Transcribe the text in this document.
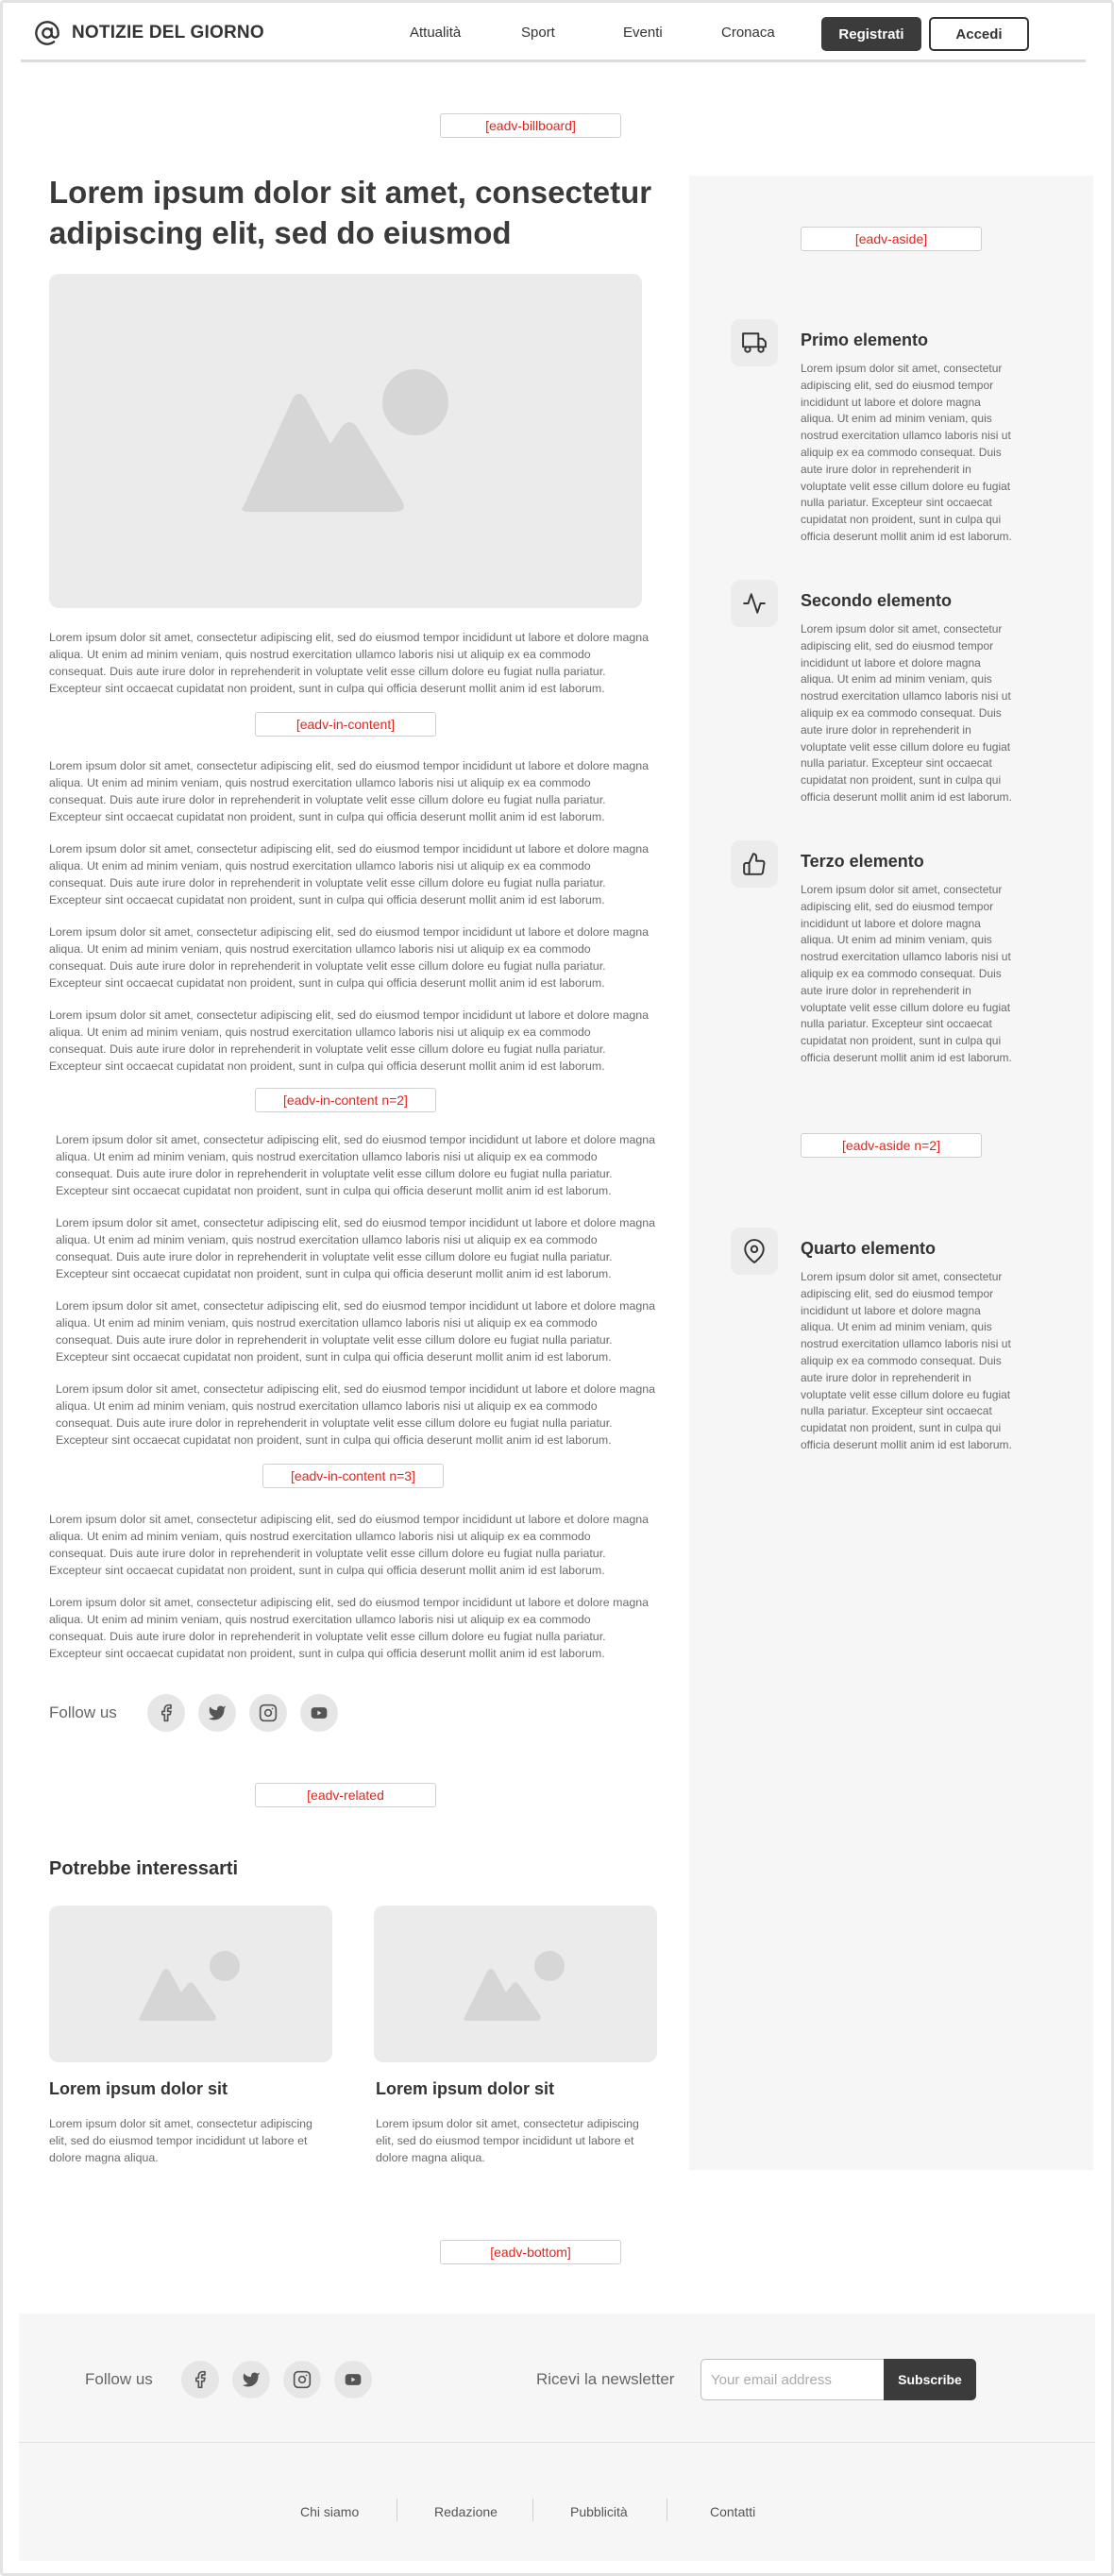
NOTIZIE DEL GIORNO	Attualità	Sport	Eventi	Cronaca	Registrati	Accedi
[eadv-billboard]
[eadv-aside]
Primo elemento
Lorem ipsum dolor sit amet, consectetur adipiscing elit, sed do eiusmod tempor incididunt ut labore et dolore magna aliqua. Ut enim ad minim veniam, quis nostrud exercitation ullamco laboris nisi ut aliquip ex ea commodo consequat. Duis aute irure dolor in reprehenderit in voluptate velit esse cillum dolore eu fugiat nulla pariatur. Excepteur sint occaecat cupidatat non proident, sunt in culpa qui officia deserunt mollit anim id est laborum.
Secondo elemento
Lorem ipsum dolor sit amet, consectetur adipiscing elit, sed do eiusmod tempor incididunt ut labore et dolore magna aliqua. Ut enim ad minim veniam, quis nostrud exercitation ullamco laboris nisi ut aliquip ex ea commodo consequat. Duis aute irure dolor in reprehenderit in voluptate velit esse cillum dolore eu fugiat nulla pariatur. Excepteur sint occaecat cupidatat non proident, sunt in culpa qui officia deserunt mollit anim id est laborum.
Terzo elemento
Lorem ipsum dolor sit amet, consectetur adipiscing elit, sed do eiusmod tempor incididunt ut labore et dolore magna aliqua. Ut enim ad minim veniam, quis nostrud exercitation ullamco laboris nisi ut aliquip ex ea commodo consequat. Duis aute irure dolor in reprehenderit in voluptate velit esse cillum dolore eu fugiat nulla pariatur. Excepteur sint occaecat cupidatat non proident, sunt in culpa qui officia deserunt mollit anim id est laborum.
[eadv-aside n=2]
Quarto elemento
Lorem ipsum dolor sit amet, consectetur adipiscing elit, sed do eiusmod tempor incididunt ut labore et dolore magna aliqua. Ut enim ad minim veniam, quis nostrud exercitation ullamco laboris nisi ut aliquip ex ea commodo consequat. Duis aute irure dolor in reprehenderit in voluptate velit esse cillum dolore eu fugiat nulla pariatur. Excepteur sint occaecat cupidatat non proident, sunt in culpa qui officia deserunt mollit anim id est laborum.
Lorem ipsum dolor sit amet, consectetur adipiscing elit, sed do eiusmod

Lorem ipsum dolor sit amet, consectetur adipiscing elit, sed do eiusmod tempor incididunt ut labore et dolore magna aliqua. Ut enim ad minim veniam, quis nostrud exercitation ullamco laboris nisi ut aliquip ex ea commodo consequat. Duis aute irure dolor in reprehenderit in voluptate velit esse cillum dolore eu fugiat nulla pariatur. Excepteur sint occaecat cupidatat non proident, sunt in culpa qui officia deserunt mollit anim id est laborum.

[eadv-in-content]

Lorem ipsum dolor sit amet, consectetur adipiscing elit, sed do eiusmod tempor incididunt ut labore et dolore magna aliqua. Ut enim ad minim veniam, quis nostrud exercitation ullamco laboris nisi ut aliquip ex ea commodo consequat. Duis aute irure dolor in reprehenderit in voluptate velit esse cillum dolore eu fugiat nulla pariatur. Excepteur sint occaecat cupidatat non proident, sunt in culpa qui officia deserunt mollit anim id est laborum.

Lorem ipsum dolor sit amet, consectetur adipiscing elit, sed do eiusmod tempor incididunt ut labore et dolore magna aliqua. Ut enim ad minim veniam, quis nostrud exercitation ullamco laboris nisi ut aliquip ex ea commodo consequat. Duis aute irure dolor in reprehenderit in voluptate velit esse cillum dolore eu fugiat nulla pariatur. Excepteur sint occaecat cupidatat non proident, sunt in culpa qui officia deserunt mollit anim id est laborum.

Lorem ipsum dolor sit amet, consectetur adipiscing elit, sed do eiusmod tempor incididunt ut labore et dolore magna aliqua. Ut enim ad minim veniam, quis nostrud exercitation ullamco laboris nisi ut aliquip ex ea commodo consequat. Duis aute irure dolor in reprehenderit in voluptate velit esse cillum dolore eu fugiat nulla pariatur. Excepteur sint occaecat cupidatat non proident, sunt in culpa qui officia deserunt mollit anim id est laborum.

Lorem ipsum dolor sit amet, consectetur adipiscing elit, sed do eiusmod tempor incididunt ut labore et dolore magna aliqua. Ut enim ad minim veniam, quis nostrud exercitation ullamco laboris nisi ut aliquip ex ea commodo consequat. Duis aute irure dolor in reprehenderit in voluptate velit esse cillum dolore eu fugiat nulla pariatur. Excepteur sint occaecat cupidatat non proident, sunt in culpa qui officia deserunt mollit anim id est laborum.

[eadv-in-content n=2]

Lorem ipsum dolor sit amet, consectetur adipiscing elit, sed do eiusmod tempor incididunt ut labore et dolore magna aliqua. Ut enim ad minim veniam, quis nostrud exercitation ullamco laboris nisi ut aliquip ex ea commodo consequat. Duis aute irure dolor in reprehenderit in voluptate velit esse cillum dolore eu fugiat nulla pariatur. Excepteur sint occaecat cupidatat non proident, sunt in culpa qui officia deserunt mollit anim id est laborum.

Lorem ipsum dolor sit amet, consectetur adipiscing elit, sed do eiusmod tempor incididunt ut labore et dolore magna aliqua. Ut enim ad minim veniam, quis nostrud exercitation ullamco laboris nisi ut aliquip ex ea commodo consequat. Duis aute irure dolor in reprehenderit in voluptate velit esse cillum dolore eu fugiat nulla pariatur. Excepteur sint occaecat cupidatat non proident, sunt in culpa qui officia deserunt mollit anim id est laborum.

Lorem ipsum dolor sit amet, consectetur adipiscing elit, sed do eiusmod tempor incididunt ut labore et dolore magna aliqua. Ut enim ad minim veniam, quis nostrud exercitation ullamco laboris nisi ut aliquip ex ea commodo consequat. Duis aute irure dolor in reprehenderit in voluptate velit esse cillum dolore eu fugiat nulla pariatur. Excepteur sint occaecat cupidatat non proident, sunt in culpa qui officia deserunt mollit anim id est laborum.

Lorem ipsum dolor sit amet, consectetur adipiscing elit, sed do eiusmod tempor incididunt ut labore et dolore magna aliqua. Ut enim ad minim veniam, quis nostrud exercitation ullamco laboris nisi ut aliquip ex ea commodo consequat. Duis aute irure dolor in reprehenderit in voluptate velit esse cillum dolore eu fugiat nulla pariatur. Excepteur sint occaecat cupidatat non proident, sunt in culpa qui officia deserunt mollit anim id est laborum.

[eadv-in-content n=3]

Lorem ipsum dolor sit amet, consectetur adipiscing elit, sed do eiusmod tempor incididunt ut labore et dolore magna aliqua. Ut enim ad minim veniam, quis nostrud exercitation ullamco laboris nisi ut aliquip ex ea commodo consequat. Duis aute irure dolor in reprehenderit in voluptate velit esse cillum dolore eu fugiat nulla pariatur. Excepteur sint occaecat cupidatat non proident, sunt in culpa qui officia deserunt mollit anim id est laborum.

Lorem ipsum dolor sit amet, consectetur adipiscing elit, sed do eiusmod tempor incididunt ut labore et dolore magna aliqua. Ut enim ad minim veniam, quis nostrud exercitation ullamco laboris nisi ut aliquip ex ea commodo consequat. Duis aute irure dolor in reprehenderit in voluptate velit esse cillum dolore eu fugiat nulla pariatur. Excepteur sint occaecat cupidatat non proident, sunt in culpa qui officia deserunt mollit anim id est laborum.

Follow us
[eadv-related
Potrebbe interessarti
Lorem ipsum dolor sit	Lorem ipsum dolor sit

Lorem ipsum dolor sit amet, consectetur adipiscing elit, sed do eiusmod tempor incididunt ut labore et dolore magna aliqua.

Lorem ipsum dolor sit amet, consectetur adipiscing elit, sed do eiusmod tempor incididunt ut labore et dolore magna aliqua.

[eadv-bottom]
Follow us	Ricevi la newsletter
Your email address	Subscribe
Chi siamo	Redazione	Pubblicità	Contatti
